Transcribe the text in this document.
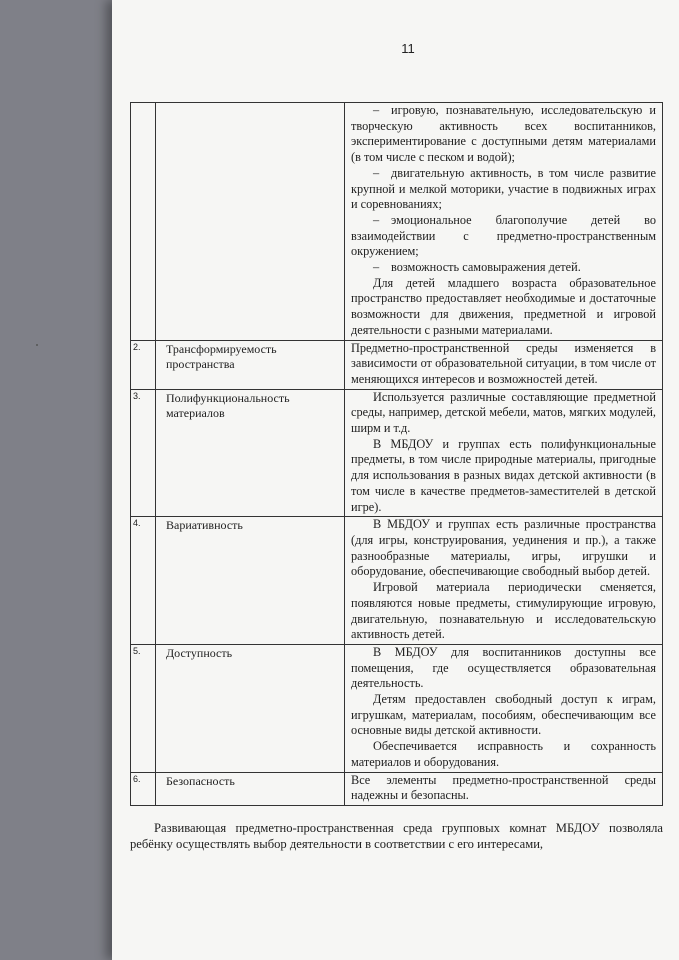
11

		– игровую, познавательную, исследовательскую и творческую активность всех воспитанников, экспериментирование с доступными детям материалами (в том числе с песком и водой);

– двигательную активность, в том числе развитие крупной и мелкой моторики, участие в подвижных играх и соревнованиях;

– эмоциональное благополучие детей во взаимодействии с предметно-пространственным окружением;

– возможность самовыражения детей.

Для детей младшего возраста образовательное пространство предоставляет необходимые и достаточные возможности для движения, предметной и игровой деятельности с разными материалами.

2.	Трансформируемость пространства	Предметно-пространственной среды изменяется в зависимости от образовательной ситуации, в том числе от меняющихся интересов и возможностей детей.

3.	Полифункциональность материалов	Используется различные составляющие предметной среды, например, детской мебели, матов, мягких модулей, ширм и т.д.

В МБДОУ и группах есть полифункциональные предметы, в том числе природные материалы, пригодные для использования в разных видах детской активности (в том числе в качестве предметов-заместителей в детской игре).

4.	Вариативность	В МБДОУ и группах есть различные пространства (для игры, конструирования, уединения и пр.), а также разнообразные материалы, игры, игрушки и оборудование, обеспечивающие свободный выбор детей.

Игровой материала периодически сменяется, появляются новые предметы, стимулирующие игровую, двигательную, познавательную и исследовательскую активность детей.

5.	Доступность	В МБДОУ для воспитанников доступны все помещения, где осуществляется образовательная деятельность.

Детям предоставлен свободный доступ к играм, игрушкам, материалам, пособиям, обеспечивающим все основные виды детской активности.

Обеспечивается исправность и сохранность материалов и оборудования.

6.	Безопасность	Все элементы предметно-пространственной среды надежны и безопасны.

Развивающая предметно-пространственная среда групповых комнат МБДОУ позволяла ребёнку осуществлять выбор деятельности в соответствии с его интересами,
